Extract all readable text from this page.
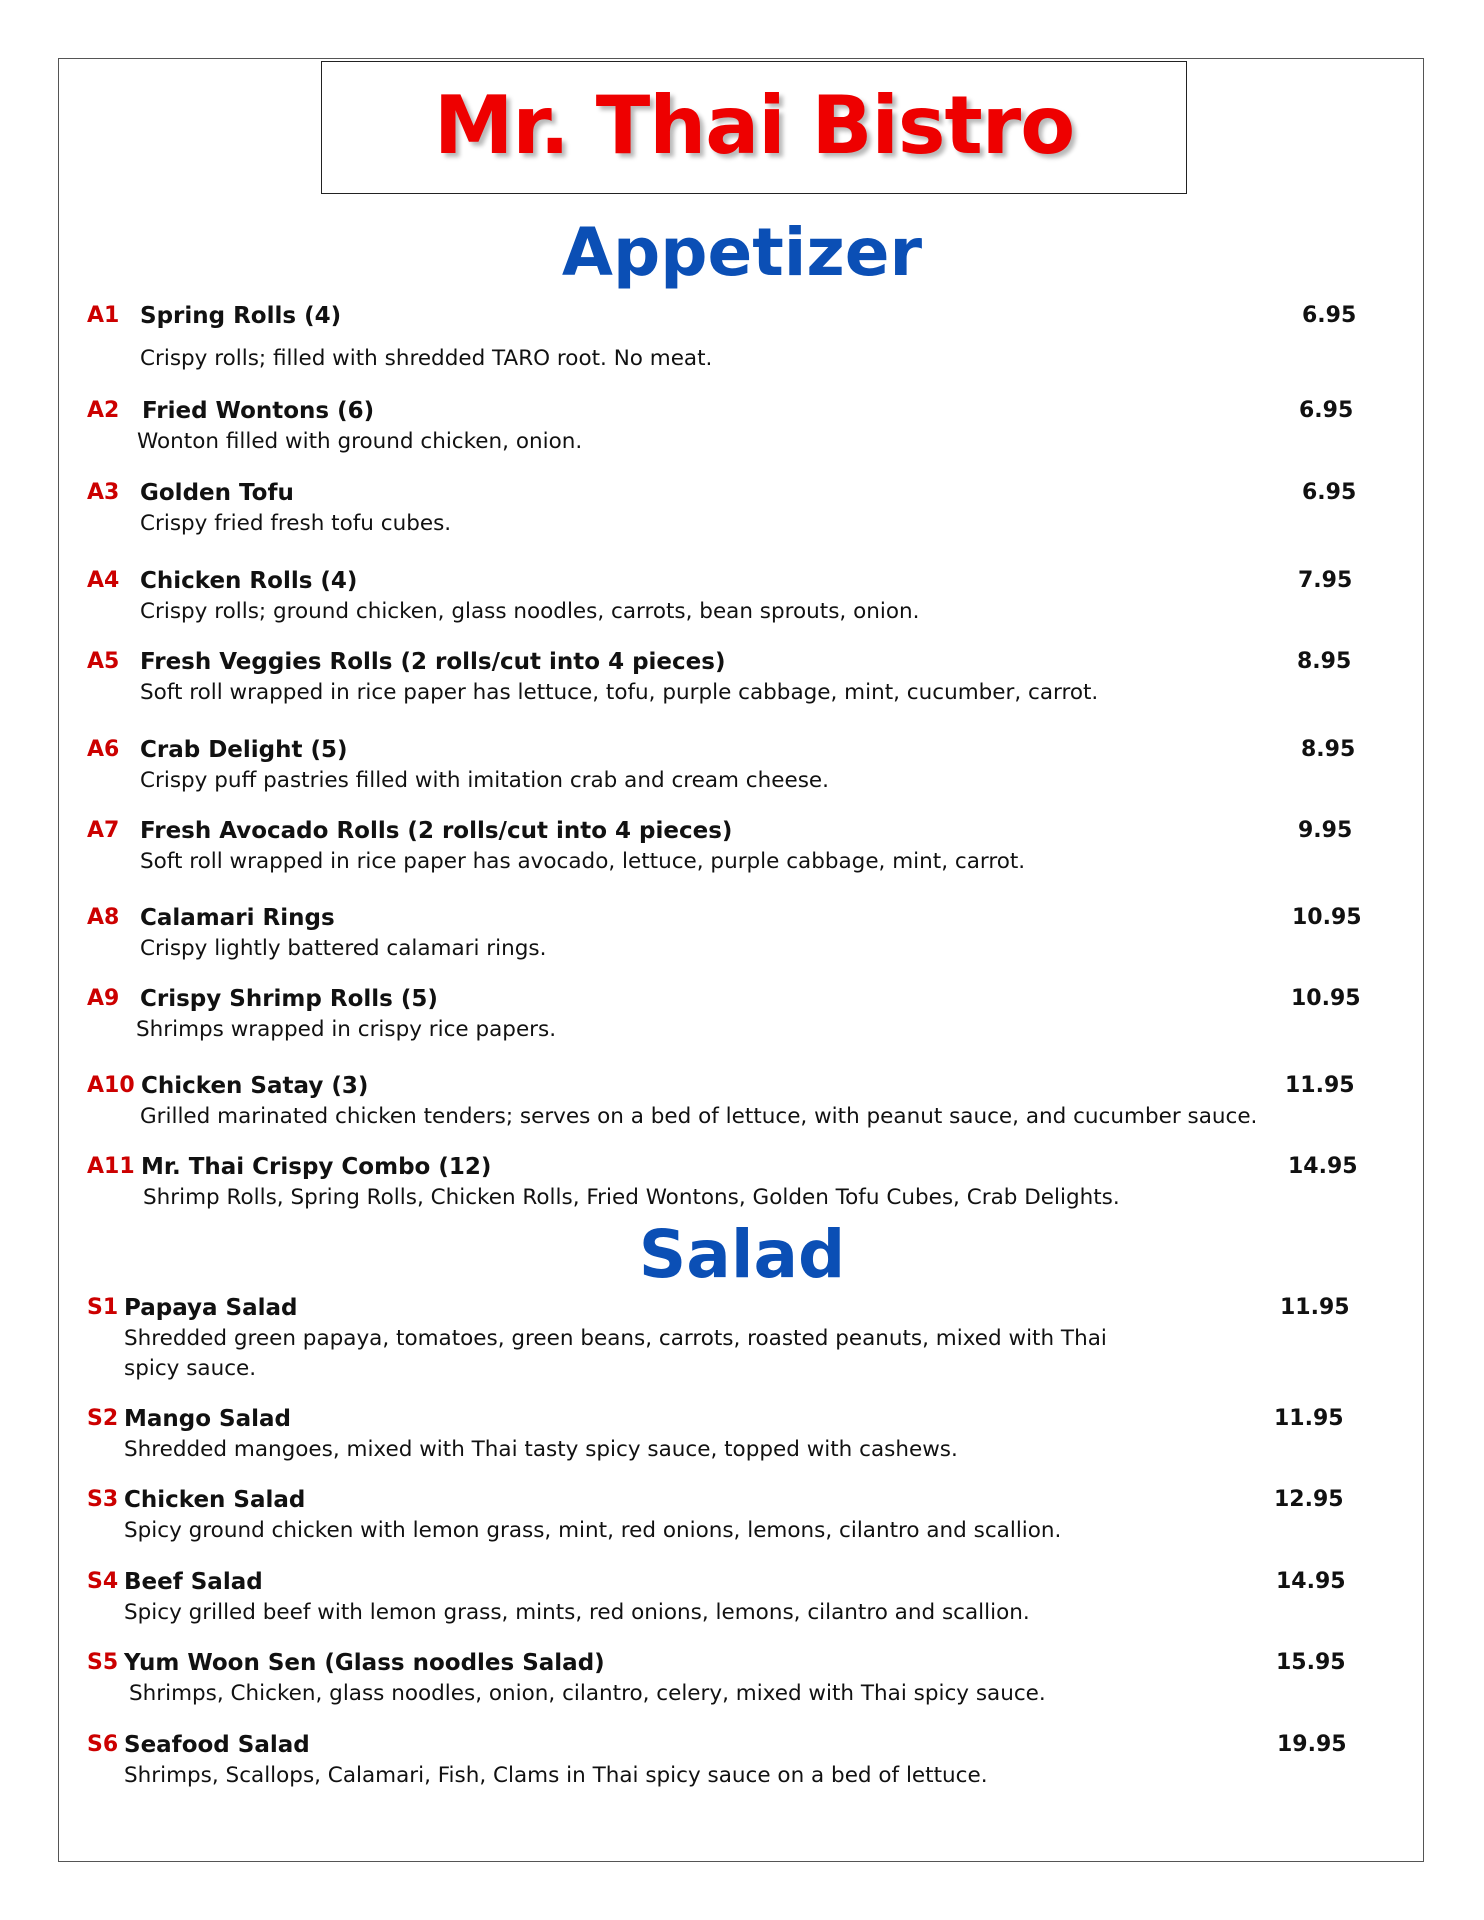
Mr. Thai Bistro
Appetizer
A1 Spring Rolls (4)	6.95
Crispy rolls; filled with shredded TARO root. No meat.
A2 Fried Wontons (6)	6.95
Wonton filled with ground chicken, onion.
A3 Golden Tofu	6.95
Crispy fried fresh tofu cubes.
A4 Chicken Rolls (4)	7.95
Crispy rolls; ground chicken, glass noodles, carrots, bean sprouts, onion.
A5 Fresh Veggies Rolls (2 rolls/cut into 4 pieces)	8.95
Soft roll wrapped in rice paper has lettuce, tofu, purple cabbage, mint, cucumber, carrot.
A6 Crab Delight (5)	8.95
Crispy puff pastries filled with imitation crab and cream cheese.
A7 Fresh Avocado Rolls (2 rolls/cut into 4 pieces)	9.95
Soft roll wrapped in rice paper has avocado, lettuce, purple cabbage, mint, carrot.
A8 Calamari Rings	10.95
Crispy lightly battered calamari rings.
A9 Crispy Shrimp Rolls (5)	10.95
Shrimps wrapped in crispy rice papers.
A10 Chicken Satay (3)	11.95
Grilled marinated chicken tenders; serves on a bed of lettuce, with peanut sauce, and cucumber sauce.
A11 Mr. Thai Crispy Combo (12)	14.95
Shrimp Rolls, Spring Rolls, Chicken Rolls, Fried Wontons, Golden Tofu Cubes, Crab Delights.
Salad
S1 Papaya Salad	11.95
Shredded green papaya, tomatoes, green beans, carrots, roasted peanuts, mixed with Thai spicy sauce.
S2 Mango Salad	11.95
Shredded mangoes, mixed with Thai tasty spicy sauce, topped with cashews.
S3 Chicken Salad	12.95
Spicy ground chicken with lemon grass, mint, red onions, lemons, cilantro and scallion.
S4 Beef Salad	14.95
Spicy grilled beef with lemon grass, mints, red onions, lemons, cilantro and scallion.
S5 Yum Woon Sen (Glass noodles Salad)	15.95
Shrimps, Chicken, glass noodles, onion, cilantro, celery, mixed with Thai spicy sauce.
S6 Seafood Salad	19.95
Shrimps, Scallops, Calamari, Fish, Clams in Thai spicy sauce on a bed of lettuce.
